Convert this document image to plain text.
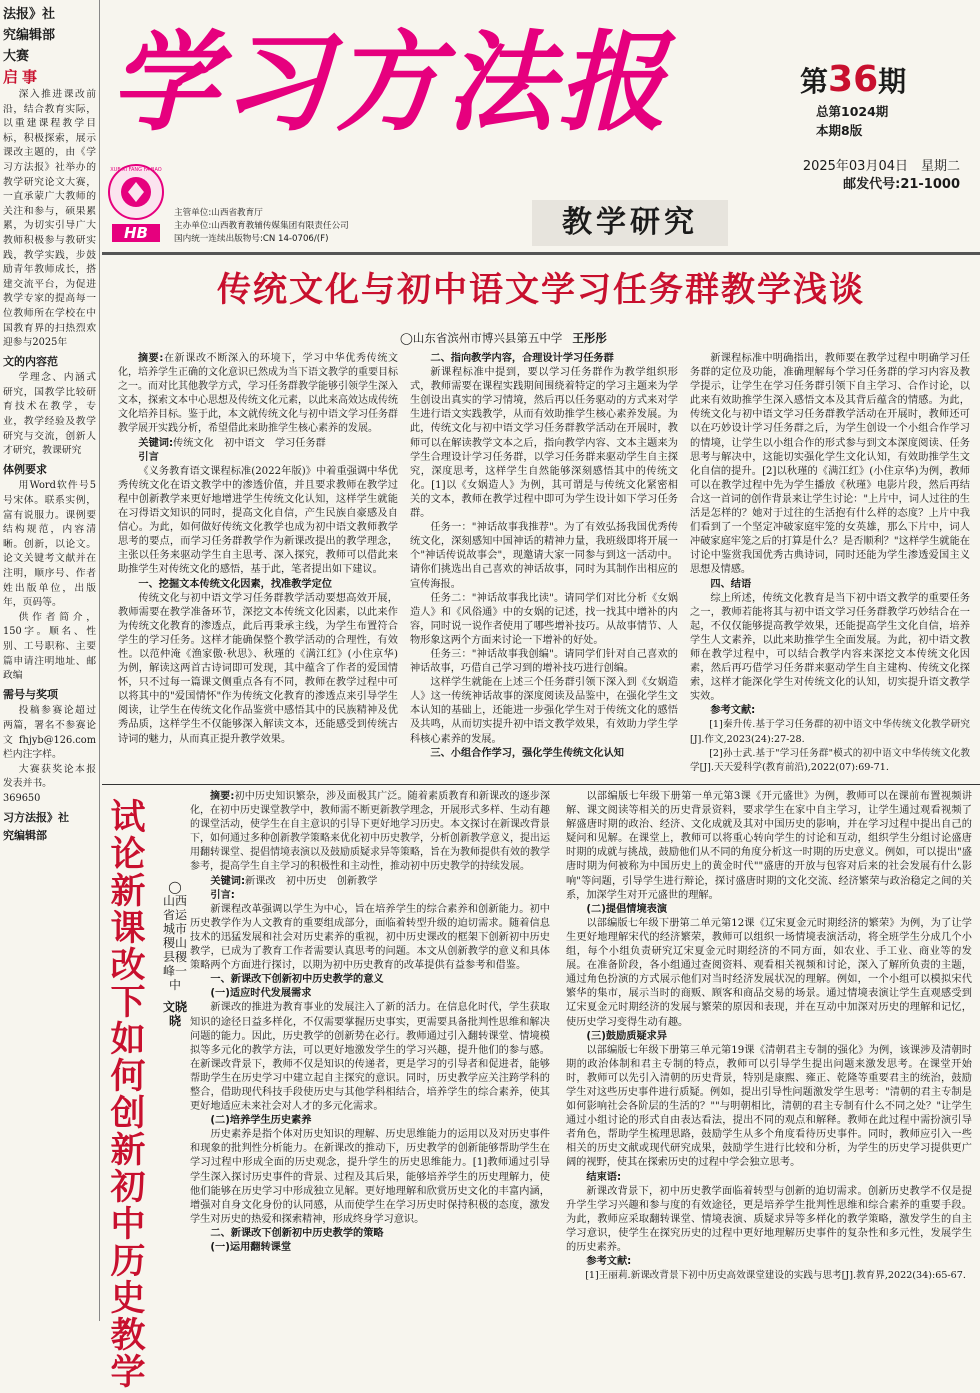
法报》社
究编辑部
大赛
启事

深入推进课改前沿，结合教育实际，以重建课程教学目标，积极探索，展示课改主题的，由《学习方法报》社举办的教学研究论文大赛，一直承蒙广大教师的关注和参与，硕果累累，为切实引导广大教师积极参与教研实践，教学实践，步鼓励青年教师成长，搭建交流平台，为促进教学专家的提高每一位教师所在学校在中国教育界的扫热烈欢迎参与2025年

文的内容范

学理念、内涵式研究，国教学比较研育技术在教学，专业，教学经验及教学研究与交流，创新人才研究，教课研究

体例要求

用Word软件号5号宋体。联系实例，富有说服力。课例要结构规范，内容清晰。创新，以论文。论文关键考文献并在注明，顺序号、作者姓出版单位，出版年，页码等。

供作者简介，150字。顺名、性别、工号职称、主要篇申请注明地址、邮政编

需号与奖项

投稿参赛论超过两篇，署名不参赛论文fhjyb@126.com栏内注字样。

大赛获奖论本报发表并书。

369650
习方法报》社
究编辑部
学习方法报	第36期
总第1024期
本期8版
2025年03月04日　星期二
邮发代号:21-1000
XUE XI FANG FA BAO
HB
主管单位:山西省教育厅
主办单位:山西教育教辅传媒集团有限责任公司
国内统一连续出版物号:CN 14-0706/(F)	教学研究
传统文化与初中语文学习任务群教学浅谈
◯山东省滨州市博兴县第五中学 王彤彤

摘要:在新课改不断深入的环境下，学习中华优秀传统文化，培养学生正确的文化意识已然成为当下语文教学的重要目标之一。而对比其他教学方式，学习任务群教学能够引领学生深入文本，探索文本中心思想及传统文化元素，以此来高效达成传统文化培养目标。鉴于此，本文就传统文化与初中语文学习任务群教学展开实践分析，希望借此来助推学生核心素养的发展。

关键词:传统文化　初中语文　学习任务群

引言

《义务教育语文课程标准(2022年版)》中着重强调中华优秀传统文化在语文教学中的渗透价值，并且要求教师在教学过程中创新教学来更好地增进学生传统文化认知，这样学生就能在习得语文知识的同时，提高文化自信，产生民族自豪感及自信心。为此，如何做好传统文化教学也成为初中语文教师教学思考的要点，而学习任务群教学作为新课改提出的教学理念，主张以任务来驱动学生自主思考、深入探究，教师可以借此来助推学生对传统文化的感悟，基于此，笔者提出如下建议。

一、挖掘文本传统文化因素，找准教学定位

传统文化与初中语文学习任务群教学活动要想高效开展，教师需要在教学准备环节，深挖文本传统文化因素，以此来作为传统文化教育的渗透点，此后再秉承主线，为学生布置符合学生的学习任务。这样才能确保整个教学活动的合理性，有效性。以范仲淹《渔家傲·秋思》、秋瑾的《满江红》(小住京华)为例，解读这两首古诗词即可发现，其中蕴含了作者的爱国情怀，只不过每一篇课文侧重点各有不同，教师在教学过程中可以将其中的"爱国情怀"作为传统文化教育的渗透点来引导学生阅读，让学生在传统文化作品鉴赏中感悟其中的民族精神及优秀品质，这样学生不仅能够深入解读文本，还能感受到传统古诗词的魅力，从而真正提升教学效果。

二、指向教学内容，合理设计学习任务群

新课程标准中提到，要以学习任务群作为教学组织形式，教师需要在课程实践期间围绕着特定的学习主题来为学生创设出真实的学习情境，然后再以任务驱动的方式来对学生进行语文实践教学，从而有效助推学生核心素养发展。为此，传统文化与初中语文学习任务群教学活动在开展时，教师可以在解读教学文本之后，指向教学内容、文本主题来为学生合理设计学习任务群，以学习任务群来驱动学生自主探究，深度思考，这样学生自然能够深刻感悟其中的传统文化。[1]以《女娲造人》为例，其可谓是与传统文化紧密相关的文本，教师在教学过程中即可为学生设计如下学习任务群。

任务一："神话故事我推荐"。为了有效弘扬我国优秀传统文化，深刻感知中国神话的精神力量，我班级即将开展一个"神话传说故事会"，现邀请大家一同参与到这一活动中。请你们挑选出自己喜欢的神话故事，同时为其制作出相应的宣传海报。

任务二："神话故事我比读"。请同学们对比分析《女娲造人》和《风俗通》中的女娲的记述，找一找其中增补的内容，同时说一说作者使用了哪些增补技巧。从故事情节、人物形象这两个方面来讨论一下增补的好处。

任务三："神话故事我创编"。请同学们针对自己喜欢的神话故事，巧借自己学习到的增补技巧进行创编。

这样学生就能在上述三个任务群引领下深入到《女娲造人》这一传统神话故事的深度阅读及品鉴中，在强化学生文本认知的基础上，还能进一步强化学生对于传统文化的感悟及共鸣，从而切实提升初中语文教学效果，有效助力学生学科核心素养的发展。

三、小组合作学习，强化学生传统文化认知

新课程标准中明确指出，教师要在教学过程中明确学习任务群的定位及功能，准确理解每个学习任务群的学习内容及教学提示，让学生在学习任务群引领下自主学习、合作讨论，以此来有效助推学生深入感悟文本及其背后蕴含的情感。为此，传统文化与初中语文学习任务群教学活动在开展时，教师还可以在巧妙设计学习任务群之后，为学生创设一个小组合作学习的情境，让学生以小组合作的形式参与到文本深度阅读、任务思考与解决中，这能切实强化学生文化认知，有效助推学生文化自信的提升。[2]以秋瑾的《满江红》(小住京华)为例，教师可以在教学过程中先为学生播放《秋瑾》电影片段，然后再结合这一首词的创作背景来让学生讨论："上片中，词人过往的生活是怎样的？她对于过往的生活抱有什么样的态度？上片中我们看到了一个坚定冲破家庭牢笼的女英雄，那么下片中，词人冲破家庭牢笼之后的打算是什么？是否顺利？"这样学生就能在讨论中鉴赏我国优秀古典诗词，同时还能为学生渗透爱国主义思想及情感。

四、结语

综上所述，传统文化教育是当下初中语文教学的重要任务之一，教师若能将其与初中语文学习任务群教学巧妙结合在一起，不仅仅能够提高教学效果，还能提高学生文化自信，培养学生人文素养，以此来助推学生全面发展。为此，初中语文教师在教学过程中，可以结合教学内容来深挖文本传统文化因素，然后再巧借学习任务群来驱动学生自主建构、传统文化探索，这样才能深化学生对传统文化的认知，切实提升语文教学实效。

参考文献:

[1]秦升传.基于学习任务群的初中语文中华传统文化教学研究[J].作文,2023(24):27-28.

[2]孙士武.基于"学习任务群"模式的初中语文中华传统文化教学[J].天天爱科学(教育前沿),2022(07):69-71.

试论新课改下如何创新初中历史教学
◯山西省运城市稷山县稷峰一中
文晓晓

摘要:初中历史知识繁杂，涉及面极其广泛。随着素质教育和新课改的逐步深化，在初中历史课堂教学中，教师需不断更新教学理念，开展形式多样、生动有趣的课堂活动，使学生在自主意识的引导下更好地学习历史。本文探讨在新课改背景下，如何通过多种创新教学策略来优化初中历史教学，分析创新教学意义，提出运用翻转课堂、提倡情境表演以及鼓励质疑求异等策略，旨在为教师提供有效的教学参考，提高学生自主学习的积极性和主动性，推动初中历史教学的持续发展。

关键词:新课改　初中历史　创新教学

引言:

新课程改革强调以学生为中心，旨在培养学生的综合素养和创新能力。初中历史教学作为人文教育的重要组成部分，面临着转型升级的迫切需求。随着信息技术的迅猛发展和社会对历史素养的重视，初中历史课改的框架下创新初中历史教学，已成为了教育工作者需要认真思考的问题。本文从创新教学的意义和具体策略两个方面进行探讨，以期为初中历史教育的改革提供有益参考和借鉴。

一、新课改下创新初中历史教学的意义
(一)适应时代发展需求

新课改的推进为教育事业的发展注入了新的活力。在信息化时代，学生获取知识的途径日益多样化，不仅需要掌握历史事实，更需要具备批判性思维和解决问题的能力。因此，历史教学的创新势在必行。教师通过引入翻转课堂、情境模拟等多元化的教学方法，可以更好地激发学生的学习兴趣，提升他们的参与感。在新课改背景下，教师不仅是知识的传递者，更是学习的引导者和促进者，能够帮助学生在历史学习中建立起自主探究的意识。同时，历史教学应关注跨学科的整合，借助现代科技手段使历史与其他学科相结合，培养学生的综合素养，使其更好地适应未来社会对人才的多元化需求。

(二)培养学生历史素养

历史素养是指个体对历史知识的理解、历史思维能力的运用以及对历史事件和现象的批判性分析能力。在新课改的推动下，历史教学的创新能够帮助学生在学习过程中形成全面的历史观念，提升学生的历史思维能力。[1]教师通过引导学生深入探讨历史事件的背景、过程及其后果，能够培养学生的历史理解力，使他们能够在历史学习中形成独立见解。更好地理解和欣赏历史文化的丰富内涵，增强对自身文化身份的认同感，从而使学生在学习历史时保持积极的态度，激发学生对历史的热爱和探索精神，形成终身学习意识。

二、新课改下创新初中历史教学的策略
(一)运用翻转课堂

以部编版七年级下册第一单元第3课《开元盛世》为例，教师可以在课前布置视频讲解、课文阅读等相关的历史背景资料，要求学生在家中自主学习，让学生通过观看视频了解盛唐时期的政治、经济、文化成就及其对中国历史的影响，并在学习过程中提出自己的疑问和见解。在课堂上，教师可以将重心转向学生的讨论和互动，组织学生分组讨论盛唐时期的成就与挑战，鼓励他们从不同的角度分析这一时期的历史意义。例如，可以提出"盛唐时期为何被称为中国历史上的黄金时代""盛唐的开放与包容对后来的社会发展有什么影响"等问题，引导学生进行辩论，探讨盛唐时期的文化交流、经济繁荣与政治稳定之间的关系，加深学生对开元盛世的理解。

(二)提倡情境表演

以部编版七年级下册第二单元第12课《辽宋夏金元时期经济的繁荣》为例，为了让学生更好地理解宋代的经济繁荣，教师可以组织一场情境表演活动，将全班学生分成几个小组，每个小组负责研究辽宋夏金元时期经济的不同方面，如农业、手工业、商业等的发展。在准备阶段，各小组通过查阅资料、观看相关视频和讨论，深入了解所负责的主题，通过角色扮演的方式展示他们对当时经济发展状况的理解。例如，一个小组可以模拟宋代繁华的集市，展示当时的商贩、顾客和商品交易的场景。通过情境表演让学生直观感受到辽宋夏金元时期经济的发展与繁荣的原因和表现，并在互动中加深对历史的理解和记忆，使历史学习变得生动有趣。

(三)鼓励质疑求异

以部编版七年级下册第三单元第19课《清朝君主专制的强化》为例，该课涉及清朝时期的政治体制和君主专制的特点，教师可以引导学生提出问题来激发思考。在课堂开始时，教师可以先引入清朝的历史背景，特别是康熙、雍正、乾隆等重要君主的统治，鼓励学生对这些历史事件进行质疑。例如，提出引导性问题激发学生思考："清朝的君主专制是如何影响社会各阶层的生活的？""与明朝相比，清朝的君主专制有什么不同之处？"让学生通过小组讨论的形式自由表达看法，提出不同的观点和解释。教师在此过程中需扮演引导者角色，帮助学生梳理思路，鼓励学生从多个角度看待历史事件。同时，教师应引入一些相关的历史文献或现代研究成果，鼓励学生进行比较和分析，为学生的历史学习提供更广阔的视野，使其在探索历史的过程中学会独立思考。

结束语:

新课改背景下，初中历史教学面临着转型与创新的迫切需求。创新历史教学不仅是提升学生学习兴趣和参与度的有效途径，更是培养学生批判性思维和综合素养的重要手段。为此，教师应采取翻转课堂、情境表演、质疑求异等多样化的教学策略，激发学生的自主学习意识，使学生在探究历史的过程中更好地理解历史事件的复杂性和多元性，发展学生的历史素养。

参考文献:

[1]王丽莉.新课改背景下初中历史高效课堂建设的实践与思考[J].教育界,2022(34):65-67.
